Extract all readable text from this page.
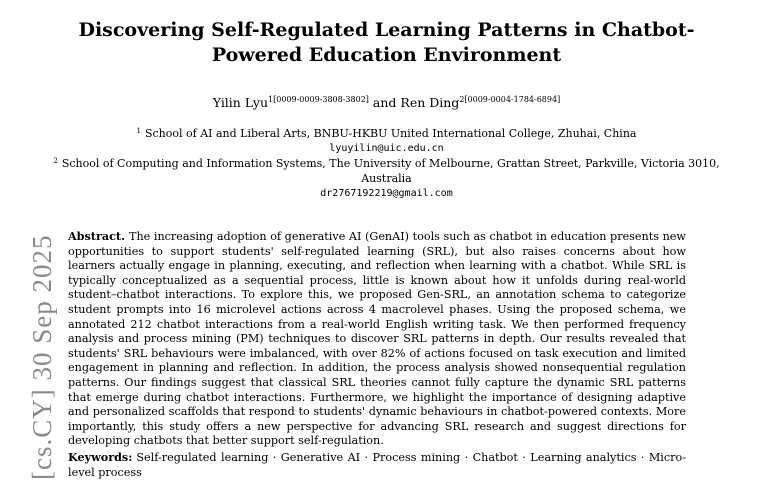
Discovering Self-Regulated Learning Patterns in Chatbot-Powered Education Environment
Yilin Lyu$^{1[0009-0009-3808-3802]}$ and Ren Ding$^{2[0009-0004-1784-6894]}$
$^1$ School of AI and Liberal Arts, BNBU-HKBU United International College, Zhuhai, China
lyuyilin@uic.edu.cn
$^2$ School of Computing and Information Systems, The University of Melbourne, Grattan Street, Parkville, Victoria 3010, Australia
dr2767192219@gmail.com
Abstract. The increasing adoption of generative AI (GenAI) tools such as chatbot in education presents new opportunities to support students' self-regulated learning (SRL), but also raises concerns about how learners actually engage in planning, executing, and reflection when learning with a chatbot. While SRL is typically conceptualized as a sequential process, little is known about how it unfolds during real-world student–chatbot interactions. To explore this, we proposed Gen-SRL, an annotation schema to categorize student prompts into 16 microlevel actions across 4 macrolevel phases. Using the proposed schema, we annotated 212 chatbot interactions from a real-world English writing task. We then performed frequency analysis and process mining (PM) techniques to discover SRL patterns in depth. Our results revealed that students' SRL behaviours were imbalanced, with over 82% of actions focused on task execution and limited engagement in planning and reflection. In addition, the process analysis showed nonsequential regulation patterns. Our findings suggest that classical SRL theories cannot fully capture the dynamic SRL patterns that emerge during chatbot interactions. Furthermore, we highlight the importance of designing adaptive and personalized scaffolds that respond to students' dynamic behaviours in chatbot-powered contexts. More importantly, this study offers a new perspective for advancing SRL research and suggest directions for developing chatbots that better support self-regulation.
Keywords: Self-regulated learning · Generative AI · Process mining · Chatbot · Learning analytics · Micro-level process
[cs.CY] 30 Sep 2025
